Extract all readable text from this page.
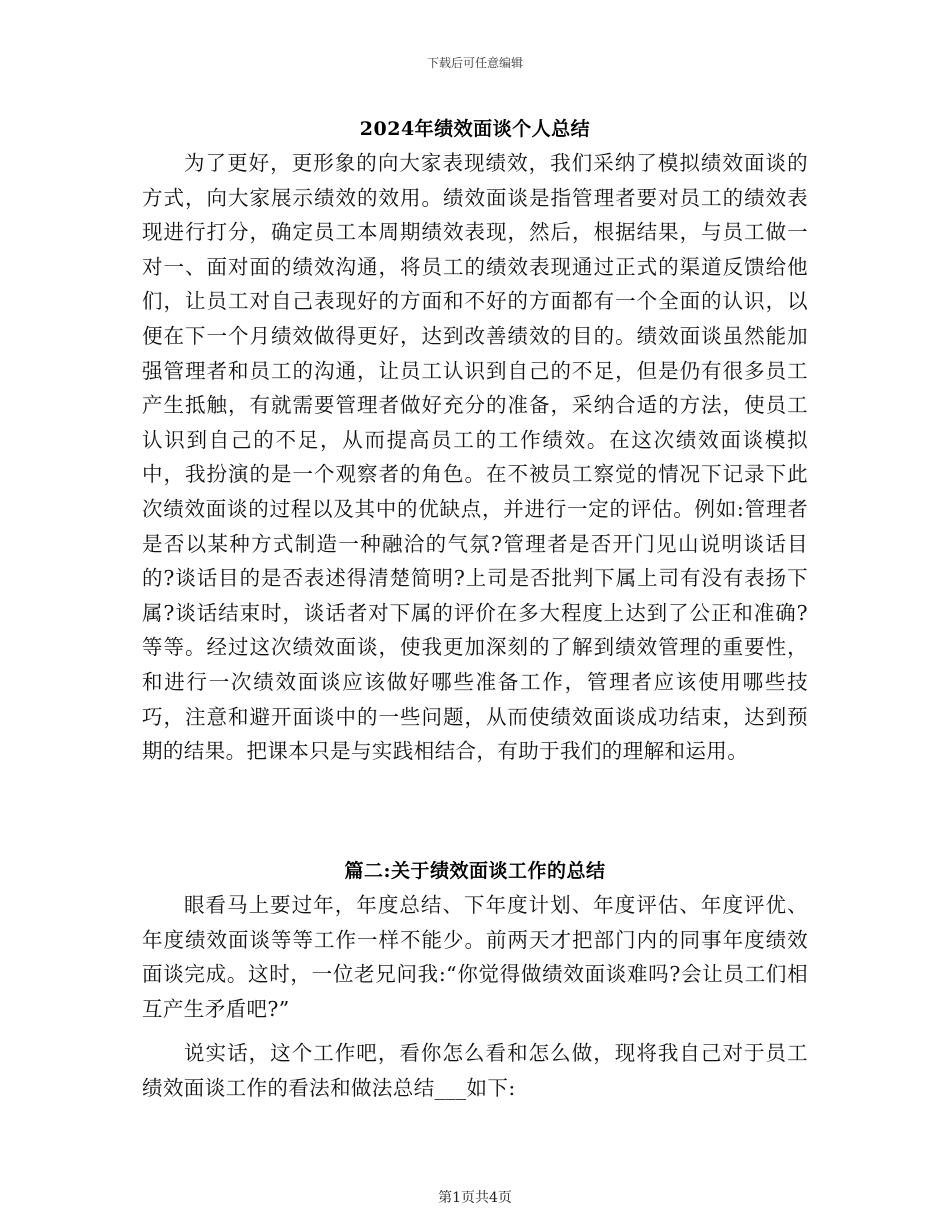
下载后可任意编辑
2024年绩效面谈个人总结

为了更好，更形象的向大家表现绩效，我们采纳了模拟绩效面谈的方式，向大家展示绩效的效用。绩效面谈是指管理者要对员工的绩效表现进行打分，确定员工本周期绩效表现，然后，根据结果，与员工做一对一、面对面的绩效沟通，将员工的绩效表现通过正式的渠道反馈给他们，让员工对自己表现好的方面和不好的方面都有一个全面的认识，以便在下一个月绩效做得更好，达到改善绩效的目的。绩效面谈虽然能加强管理者和员工的沟通，让员工认识到自己的不足，但是仍有很多员工产生抵触，有就需要管理者做好充分的准备，采纳合适的方法，使员工认识到自己的不足，从而提高员工的工作绩效。在这次绩效面谈模拟中，我扮演的是一个观察者的角色。在不被员工察觉的情况下记录下此次绩效面谈的过程以及其中的优缺点，并进行一定的评估。例如:管理者是否以某种方式制造一种融洽的气氛?管理者是否开门见山说明谈话目的?谈话目的是否表述得清楚简明?上司是否批判下属上司有没有表扬下属?谈话结束时，谈话者对下属的评价在多大程度上达到了公正和准确?等等。经过这次绩效面谈，使我更加深刻的了解到绩效管理的重要性，和进行一次绩效面谈应该做好哪些准备工作，管理者应该使用哪些技巧，注意和避开面谈中的一些问题，从而使绩效面谈成功结束，达到预期的结果。把课本只是与实践相结合，有助于我们的理解和运用。

篇二:关于绩效面谈工作的总结

眼看马上要过年，年度总结、下年度计划、年度评估、年度评优、年度绩效面谈等等工作一样不能少。前两天才把部门内的同事年度绩效面谈完成。这时，一位老兄问我:“你觉得做绩效面谈难吗?会让员工们相互产生矛盾吧?”

说实话，这个工作吧，看你怎么看和怎么做，现将我自己对于员工绩效面谈工作的看法和做法总结___如下:

第1页共4页
